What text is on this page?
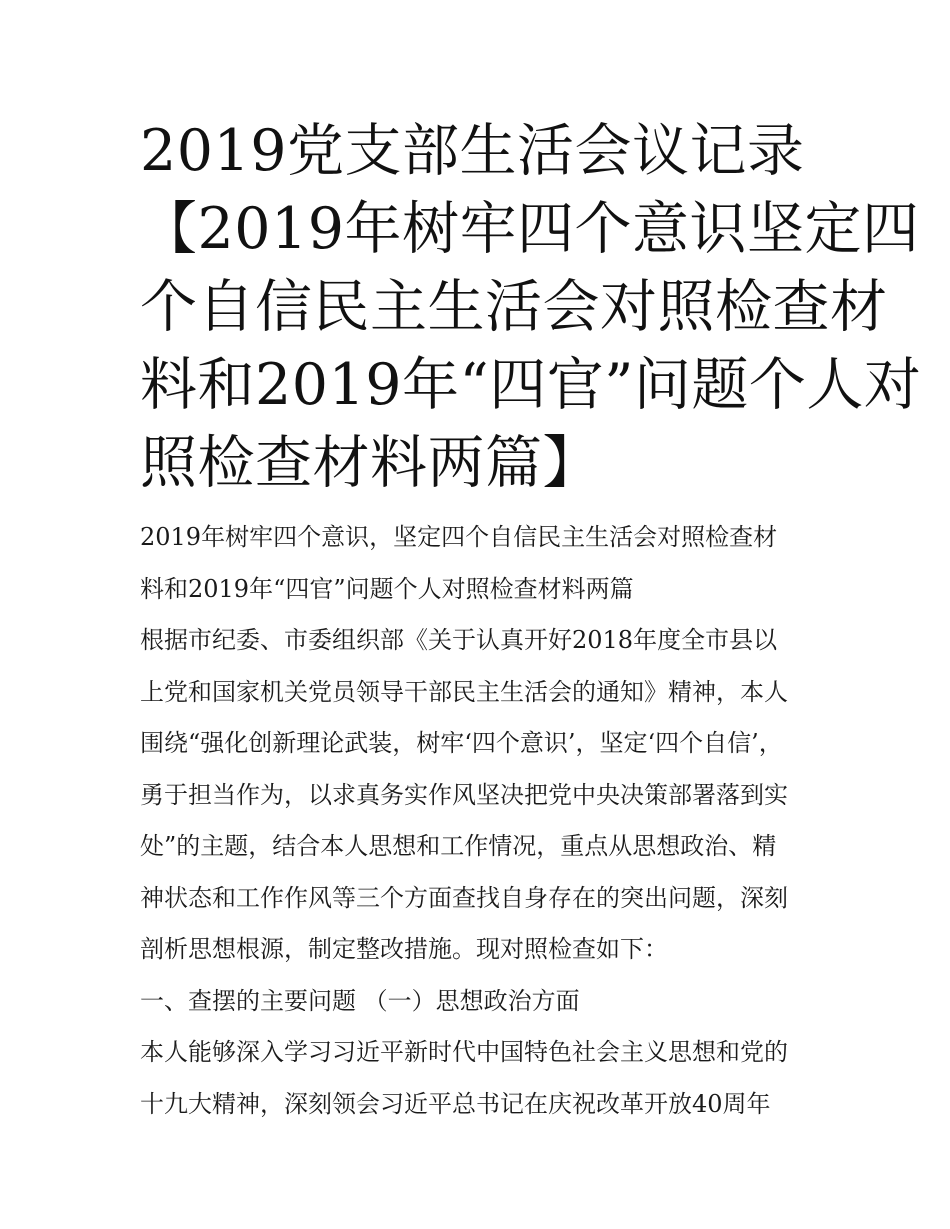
2019党支部生活会议记录
【2019年树牢四个意识坚定四
个自信民主生活会对照检查材
料和2019年“四官”问题个人对
照检查材料两篇】
2019年树牢四个意识，坚定四个自信民主生活会对照检查材
料和2019年“四官”问题个人对照检查材料两篇
根据市纪委、市委组织部《关于认真开好2018年度全市县以
上党和国家机关党员领导干部民主生活会的通知》精神，本人
围绕“强化创新理论武装，树牢‘四个意识’，坚定‘四个自信’，
勇于担当作为，以求真务实作风坚决把党中央决策部署落到实
处”的主题，结合本人思想和工作情况，重点从思想政治、精
神状态和工作作风等三个方面查找自身存在的突出问题，深刻
剖析思想根源，制定整改措施。现对照检查如下：
一、查摆的主要问题 （一）思想政治方面
本人能够深入学习习近平新时代中国特色社会主义思想和党的
十九大精神，深刻领会习近平总书记在庆祝改革开放40周年
